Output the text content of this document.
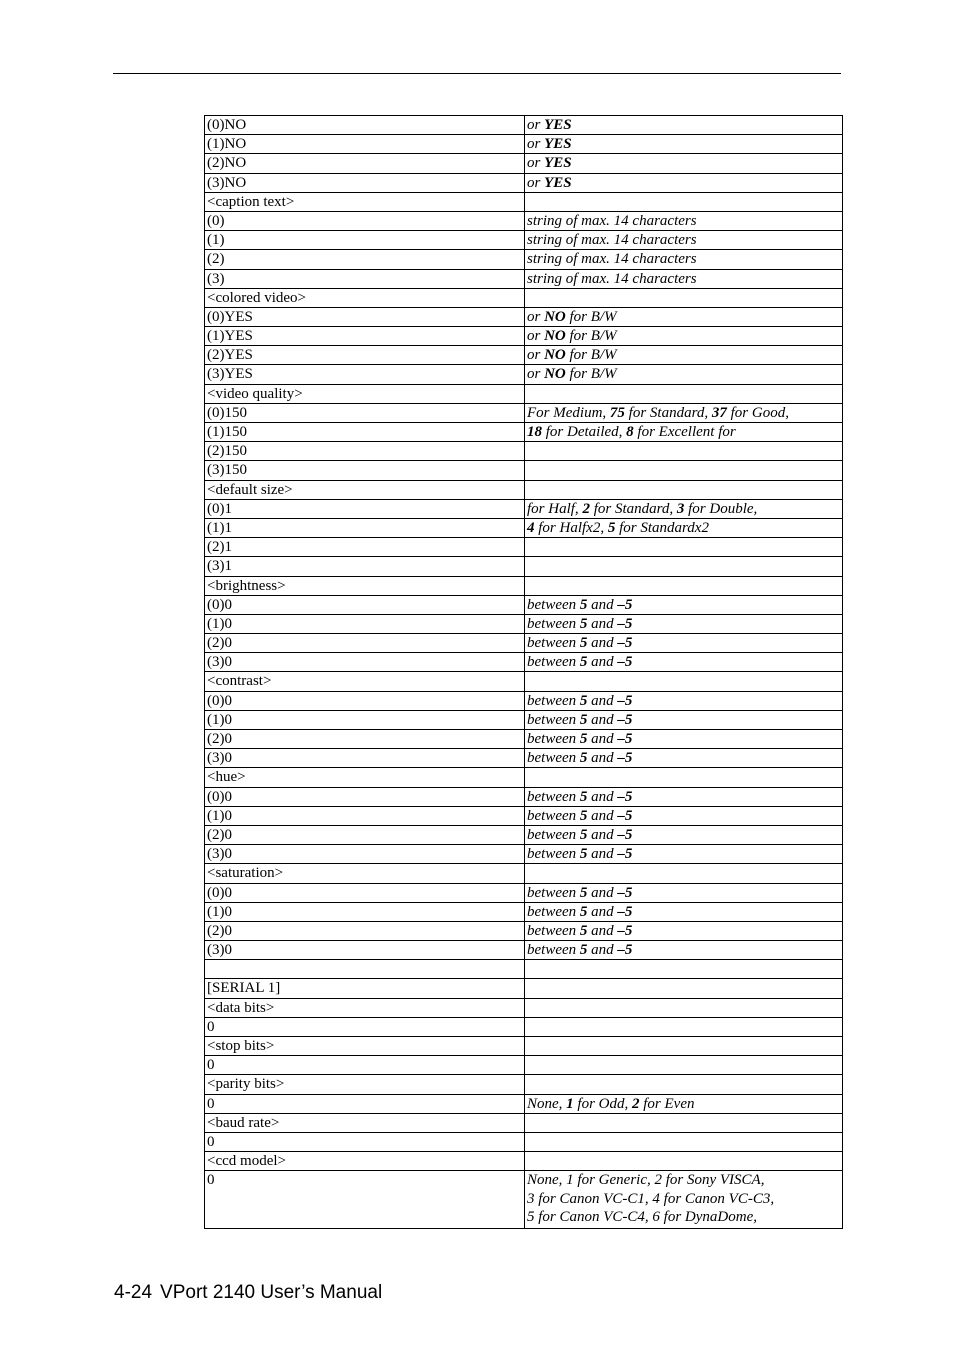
(0)NO	or YES
(1)NO	or YES
(2)NO	or YES
(3)NO	or YES
<caption text>	
(0)	string of max. 14 characters
(1)	string of max. 14 characters
(2)	string of max. 14 characters
(3)	string of max. 14 characters
<colored video>	
(0)YES	or NO for B/W
(1)YES	or NO for B/W
(2)YES	or NO for B/W
(3)YES	or NO for B/W
<video quality>	
(0)150	For Medium, 75 for Standard, 37 for Good,
(1)150	18 for Detailed, 8 for Excellent for
(2)150	
(3)150	
<default size>	
(0)1	for Half, 2 for Standard, 3 for Double,
(1)1	4 for Halfx2, 5 for Standardx2
(2)1	
(3)1	
<brightness>	
(0)0	between 5 and –5
(1)0	between 5 and –5
(2)0	between 5 and –5
(3)0	between 5 and –5
<contrast>	
(0)0	between 5 and –5
(1)0	between 5 and –5
(2)0	between 5 and –5
(3)0	between 5 and –5
<hue>	
(0)0	between 5 and –5
(1)0	between 5 and –5
(2)0	between 5 and –5
(3)0	between 5 and –5
<saturation>	
(0)0	between 5 and –5
(1)0	between 5 and –5
(2)0	between 5 and –5
(3)0	between 5 and –5

[SERIAL 1]	
<data bits>	
0	
<stop bits>	
0	
<parity bits>	
0	None, 1 for Odd, 2 for Even
<baud rate>	
0	
<ccd model>	
0	None, 1 for Generic, 2 for Sony VISCA,
3 for Canon VC-C1, 4 for Canon VC-C3,
5 for Canon VC-C4, 6 for DynaDome,
4-24 VPort 2140 User’s Manual
